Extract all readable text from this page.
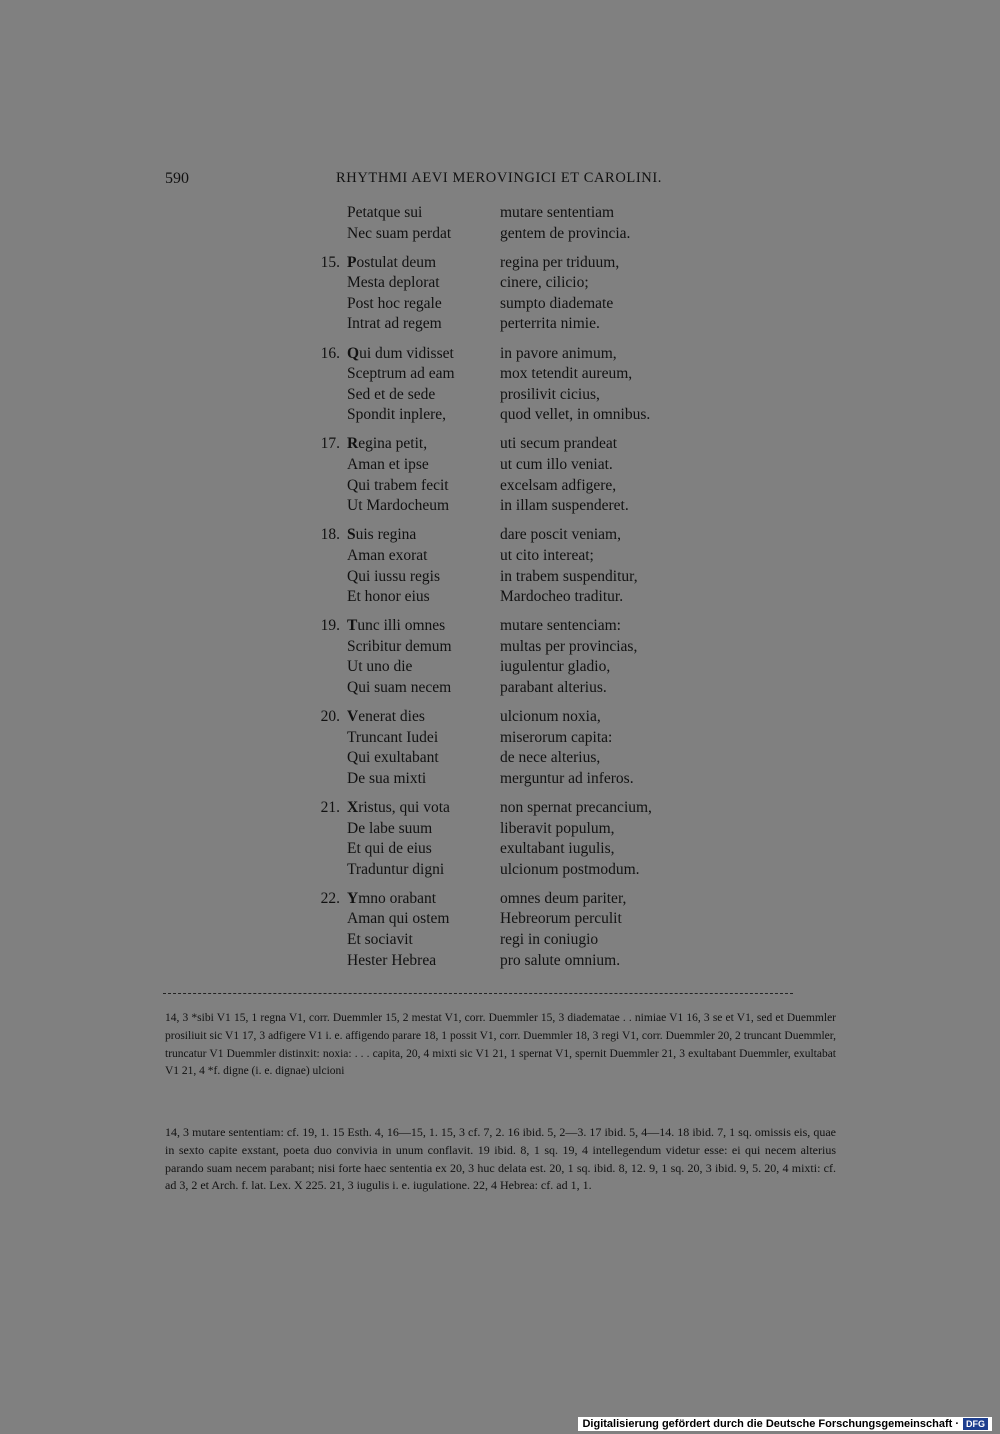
590	RHYTHMI AEVI MEROVINGICI ET CAROLINI.
Petatque sui	mutare sententiam
Nec suam perdat	gentem de provincia.
15. Postulat deum	regina per triduum,
Mesta deplorat	cinere, cilicio;
Post hoc regale	sumpto diademate
Intrat ad regem	perterrita nimie.
16. Qui dum vidisset	in pavore animum,
Sceptrum ad eam	mox tetendit aureum,
Sed et de sede	prosilivit cicius,
Spondit inplere,	quod vellet, in omnibus.
17. Regina petit,	uti secum prandeat
Aman et ipse	ut cum illo veniat.
Qui trabem fecit	excelsam adfigere,
Ut Mardocheum	in illam suspenderet.
18. Suis regina	dare poscit veniam,
Aman exorat	ut cito intereat;
Qui iussu regis	in trabem suspenditur,
Et honor eius	Mardocheo traditur.
19. Tunc illi omnes	mutare sentenciam:
Scribitur demum	multas per provincias,
Ut uno die	iugulentur gladio,
Qui suam necem	parabant alterius.
20. Venerat dies	ulcionum noxia,
Truncant Iudei	miserorum capita:
Qui exultabant	de nece alterius,
De sua mixti	merguntur ad inferos.
21. Xristus, qui vota	non spernat precancium,
De labe suum	liberavit populum,
Et qui de eius	exultabant iugulis,
Traduntur digni	ulcionum postmodum.
22. Ymno orabant	omnes deum pariter,
Aman qui ostem	Hebreorum perculit
Et sociavit	regi in coniugio
Hester Hebrea	pro salute omnium.

14, 3 *sibi V1 15, 1 regna V1, corr. Duemmler 15, 2 mestat V1, corr. Duemmler 15, 3 diadematae . . nimiae V1 16, 3 se et V1, sed et Duemmler prosiliuit sic V1 17, 3 adfigere V1 i. e. affigendo parare 18, 1 possit V1, corr. Duemmler 18, 3 regi V1, corr. Duemmler 20, 2 truncant Duemmler, truncatur V1 Duemmler distinxit: noxia: . . . capita, 20, 4 mixti sic V1 21, 1 spernat V1, spernit Duemmler 21, 3 exultabant Duemmler, exultabat V1 21, 4 *f. digne (i. e. dignae) ulcioni

14, 3 mutare sententiam: cf. 19, 1. 15 Esth. 4, 16—15, 1. 15, 3 cf. 7, 2. 16 ibid. 5, 2—3. 17 ibid. 5, 4—14. 18 ibid. 7, 1 sq. omissis eis, quae in sexto capite exstant, poeta duo convivia in unum conflavit. 19 ibid. 8, 1 sq. 19, 4 intellegendum videtur esse: ei qui necem alterius parando suam necem parabant; nisi forte haec sententia ex 20, 3 huc delata est. 20, 1 sq. ibid. 8, 12. 9, 1 sq. 20, 3 ibid. 9, 5. 20, 4 mixti: cf. ad 3, 2 et Arch. f. lat. Lex. X 225. 21, 3 iugulis i. e. iugulatione. 22, 4 Hebrea: cf. ad 1, 1.

Digitalisierung gefördert durch die Deutsche Forschungsgemeinschaft · DFG
